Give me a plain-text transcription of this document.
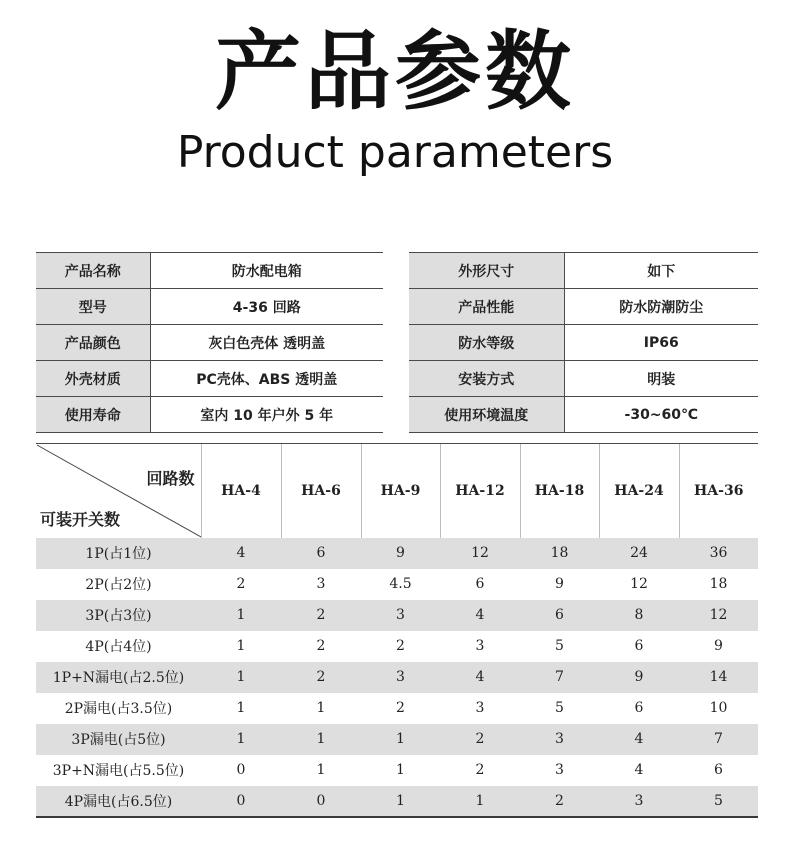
产品参数
Product parameters
产品名称	防水配电箱
型号	4-36 回路
产品颜色	灰白色壳体 透明盖
外壳材质	PC壳体、ABS 透明盖
使用寿命	室内 10 年户外 5 年
外形尺寸	如下
产品性能	防水防潮防尘
防水等级	IP66
安装方式	明装
使用环境温度	-30~60℃
回路数
可装开关数	HA-4	HA-6	HA-9	HA-12	HA-18	HA-24	HA-36
1P(占1位)	4	6	9	12	18	24	36
2P(占2位)	2	3	4.5	6	9	12	18
3P(占3位)	1	2	3	4	6	8	12
4P(占4位)	1	2	2	3	5	6	9
1P+N漏电(占2.5位)	1	2	3	4	7	9	14
2P漏电(占3.5位)	1	1	2	3	5	6	10
3P漏电(占5位)	1	1	1	2	3	4	7
3P+N漏电(占5.5位)	0	1	1	2	3	4	6
4P漏电(占6.5位)	0	0	1	1	2	3	5
